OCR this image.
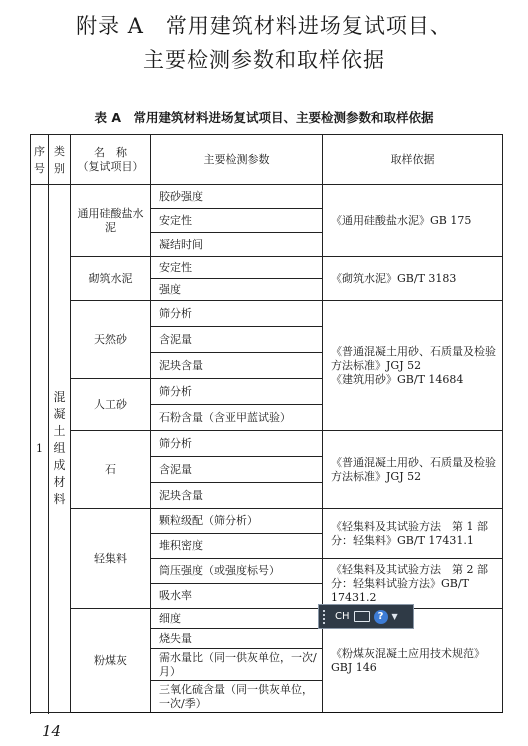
附录 A　常用建筑材料进场复试项目、
主要检测参数和取样依据
表 A　常用建筑材料进场复试项目、主要检测参数和取样依据
序号	类别	名　称
（复试项目）	主要检测参数	取样依据
1	混凝土组成材料	通用硅酸盐水泥	胶砂强度	《通用硅酸盐水泥》GB 175
			安定性	
			凝结时间	
		砌筑水泥	安定性	《砌筑水泥》GB/T 3183
			强度	
		天然砂	筛分析	《普通混凝土用砂、石质量及检验方法标准》JGJ 52
《建筑用砂》GB/T 14684
			含泥量	
			泥块含量	
		人工砂	筛分析	
			石粉含量（含亚甲蓝试验）	
		石	筛分析	《普通混凝土用砂、石质量及检验方法标准》JGJ 52
			含泥量	
			泥块含量	
		轻集料	颗粒级配（筛分析）	《轻集料及其试验方法　第 1 部分：轻集料》GB/T 17431.1
			堆积密度	
			筒压强度（或强度标号）	《轻集料及其试验方法　第 2 部分：轻集料试验方法》GB/T 17431.2
			吸水率	
		粉煤灰	细度	《粉煤灰混凝土应用技术规范》GBJ 146
			烧失量	
			需水量比（同一供灰单位，一次/月）	
			三氧化硫含量（同一供灰单位，一次/季）	

14
CH	?	▼
